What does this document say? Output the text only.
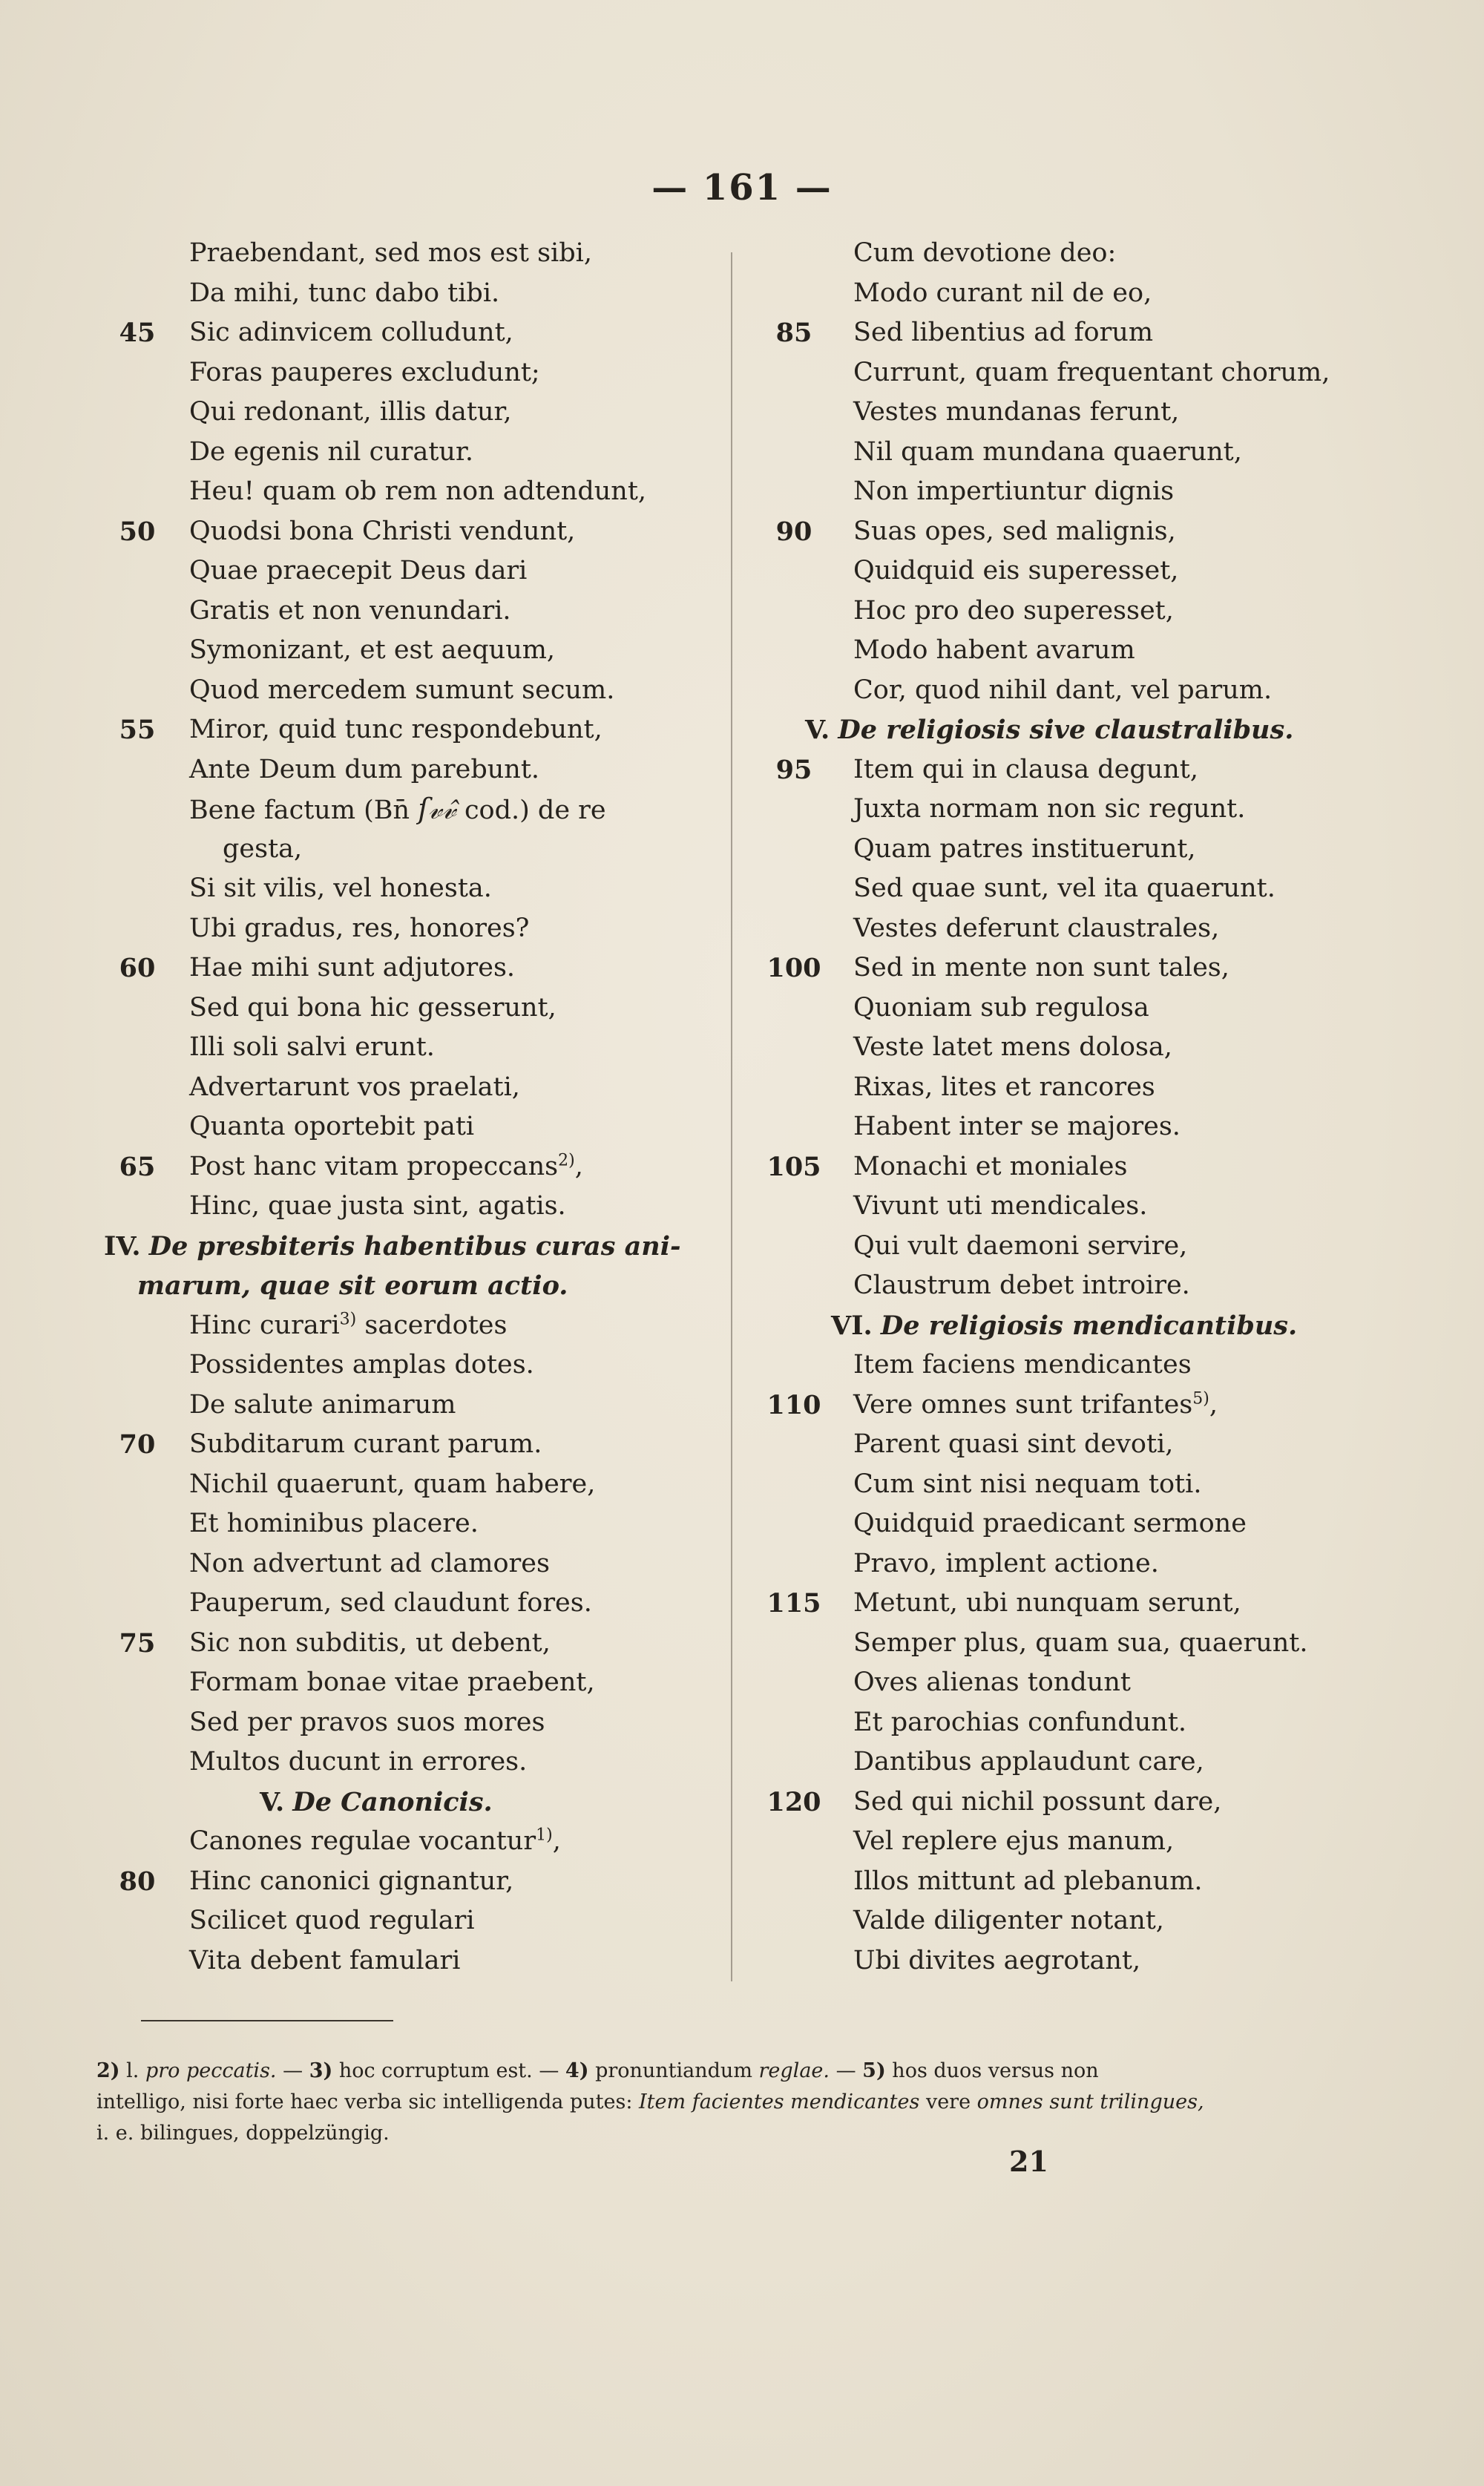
— 161 —
Praebendant, sed mos est sibi,
Da mihi, tunc dabo tibi.
45	Sic adinvicem colludunt,
Foras pauperes excludunt;
Qui redonant, illis datur,
De egenis nil curatur.
Heu! quam ob rem non adtendunt,
50	Quodsi bona Christi vendunt,
Quae praecepit Deus dari
Gratis et non venundari.
Symonizant, et est aequum,
Quod mercedem sumunt secum.
55	Miror, quid tunc respondebunt,
Ante Deum dum parebunt.
Bene factum (Bn̄ ſ𝓋𝓋̂ cod.) de re
gesta,
Si sit vilis, vel honesta.
Ubi gradus, res, honores?
60	Hae mihi sunt adjutores.
Sed qui bona hic gesserunt,
Illi soli salvi erunt.
Advertarunt vos praelati,
Quanta oportebit pati
65	Post hanc vitam propeccans$^{2)}$,
Hinc, quae justa sint, agatis.
IV. De presbiteris habentibus curas ani-
marum, quae sit eorum actio.
Hinc curari$^{3)}$ sacerdotes
Possidentes amplas dotes.
De salute animarum
70	Subditarum curant parum.
Nichil quaerunt, quam habere,
Et hominibus placere.
Non advertunt ad clamores
Pauperum, sed claudunt fores.
75	Sic non subditis, ut debent,
Formam bonae vitae praebent,
Sed per pravos suos mores
Multos ducunt in errores.
V. De Canonicis.
Canones regulae vocantur$^{1)}$,
80	Hinc canonici gignantur,
Scilicet quod regulari
Vita debent famulari
Cum devotione deo:
Modo curant nil de eo,
85	Sed libentius ad forum
Currunt, quam frequentant chorum,
Vestes mundanas ferunt,
Nil quam mundana quaerunt,
Non impertiuntur dignis
90	Suas opes, sed malignis,
Quidquid eis superesset,
Hoc pro deo superesset,
Modo habent avarum
Cor, quod nihil dant, vel parum.
V. De religiosis sive claustralibus.
95	Item qui in clausa degunt,
Juxta normam non sic regunt.
Quam patres instituerunt,
Sed quae sunt, vel ita quaerunt.
Vestes deferunt claustrales,
100 Sed in mente non sunt tales,
Quoniam sub regulosa
Veste latet mens dolosa,
Rixas, lites et rancores
Habent inter se majores.
105 Monachi et moniales
Vivunt uti mendicales.
Qui vult daemoni servire,
Claustrum debet introire.
VI. De religiosis mendicantibus.
Item faciens mendicantes
110 Vere omnes sunt trifantes$^{5)}$,
Parent quasi sint devoti,
Cum sint nisi nequam toti.
Quidquid praedicant sermone
Pravo, implent actione.
115 Metunt, ubi nunquam serunt,
Semper plus, quam sua, quaerunt.
Oves alienas tondunt
Et parochias confundunt.
Dantibus applaudunt care,
120 Sed qui nichil possunt dare,
Vel replere ejus manum,
Illos mittunt ad plebanum.
Valde diligenter notant,
Ubi divites aegrotant,
2) l. pro peccatis. — 3) hoc corruptum est. — 4) pronuntiandum reglae. — 5) hos duos versus non
intelligo, nisi forte haec verba sic intelligenda putes: Item facientes mendicantes vere omnes sunt trilingues,
i. e. bilingues, doppelzüngig.
21
